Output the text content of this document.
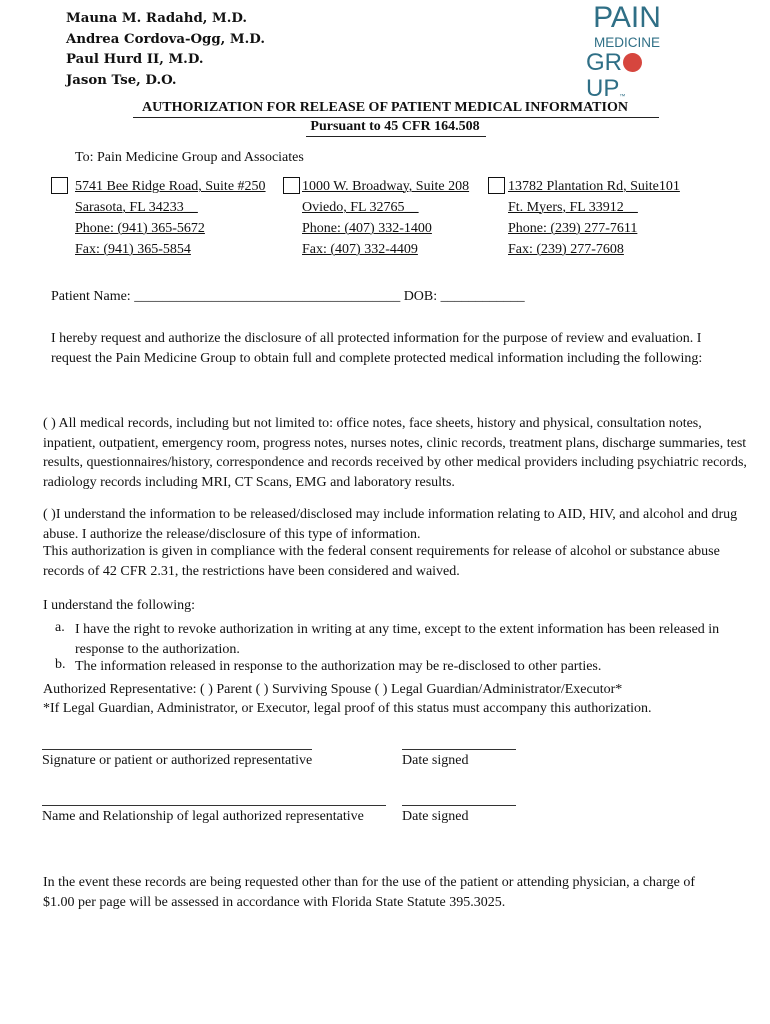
Mauna M. Radahd, M.D.
Andrea Cordova-Ogg, M.D.
Paul Hurd II, M.D.
Jason Tse, D.O.
PAIN
MEDICINE
GRUP™
AUTHORIZATION FOR RELEASE OF PATIENT MEDICAL INFORMATION
Pursuant to 45 CFR 164.508
To: Pain Medicine Group and Associates
5741 Bee Ridge Road, Suite #250
Sarasota, FL 34233__
Phone: (941) 365-5672
Fax: (941) 365-5854
1000 W. Broadway, Suite 208
Oviedo, FL 32765__
Phone: (407) 332-1400
Fax: (407) 332-4409
13782 Plantation Rd, Suite101
Ft. Myers, FL 33912__
Phone: (239) 277-7611
Fax: (239) 277-7608
Patient Name: ______________________________________ DOB: ____________
I hereby request and authorize the disclosure of all protected information for the purpose of review and evaluation. I request the Pain Medicine Group to obtain full and complete protected medical information including the following:
( ) All medical records, including but not limited to: office notes, face sheets, history and physical, consultation notes, inpatient, outpatient, emergency room, progress notes, nurses notes, clinic records, treatment plans, discharge summaries, test results, questionnaires/history, correspondence and records received by other medical providers including psychiatric records, radiology records including MRI, CT Scans, EMG and laboratory results.
( )I understand the information to be released/disclosed may include information relating to AID, HIV, and alcohol and drug abuse. I authorize the release/disclosure of this type of information.
This authorization is given in compliance with the federal consent requirements for release of alcohol or substance abuse records of 42 CFR 2.31, the restrictions have been considered and waived.
I understand the following:
a. I have the right to revoke authorization in writing at any time, except to the extent information has been released in response to the authorization.
b. The information released in response to the authorization may be re-disclosed to other parties.
Authorized Representative: ( ) Parent ( ) Surviving Spouse ( ) Legal Guardian/Administrator/Executor*
*If Legal Guardian, Administrator, or Executor, legal proof of this status must accompany this authorization.
Signature or patient or authorized representative	Date signed
Name and Relationship of legal authorized representative	Date signed
In the event these records are being requested other than for the use of the patient or attending physician, a charge of $1.00 per page will be assessed in accordance with Florida State Statute 395.3025.
